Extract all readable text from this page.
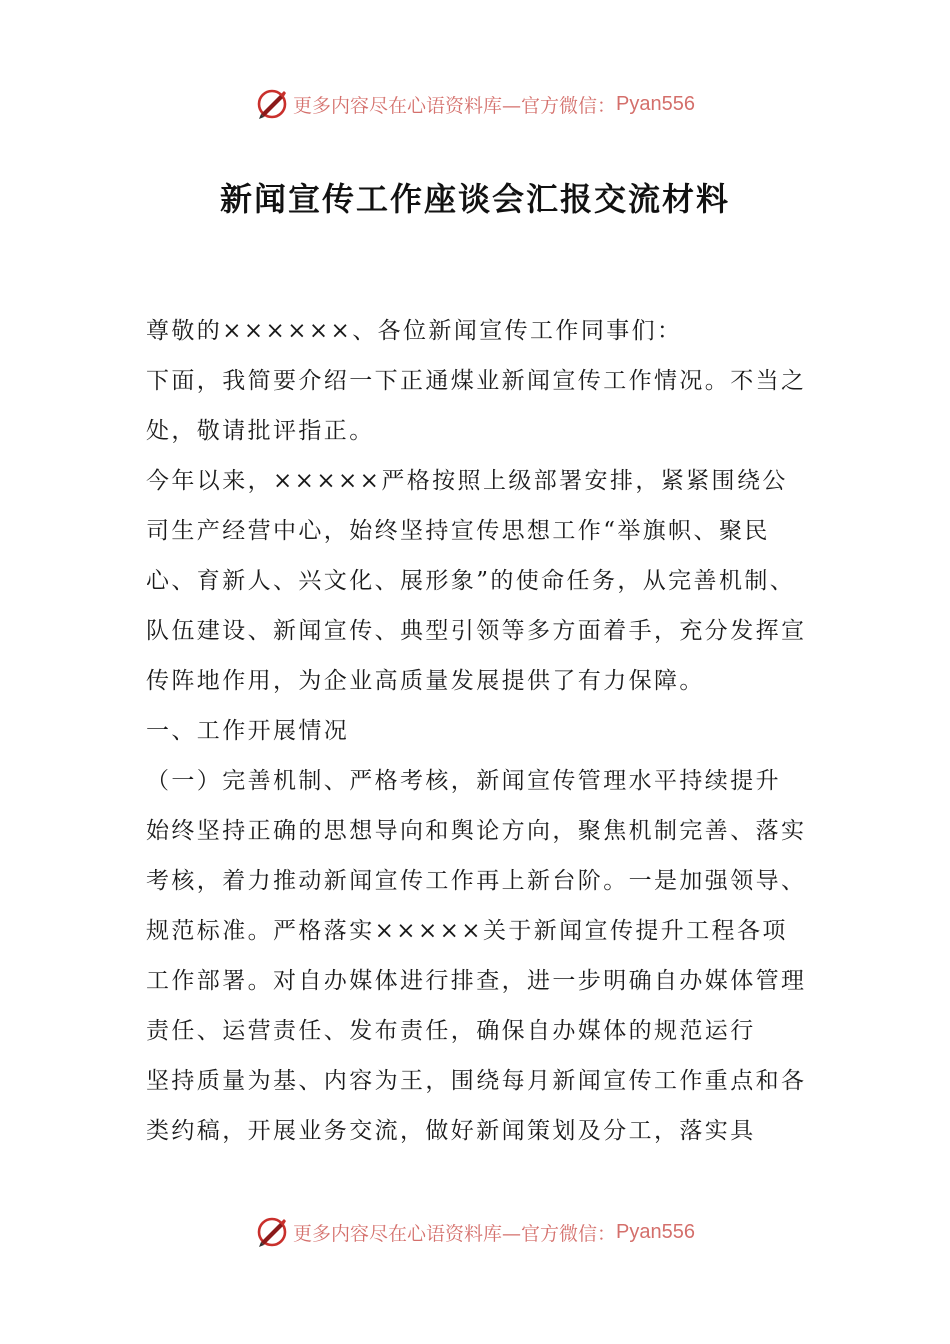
更多内容尽在心语资料库—官方微信： Pyan556
新闻宣传工作座谈会汇报交流材料

尊敬的××××××、各位新闻宣传工作同事们：

下面，我简要介绍一下正通煤业新闻宣传工作情况。不当之处，敬请批评指正。

今年以来，×××××严格按照上级部署安排，紧紧围绕公司生产经营中心，始终坚持宣传思想工作“举旗帜、聚民心、育新人、兴文化、展形象”的使命任务，从完善机制、队伍建设、新闻宣传、典型引领等多方面着手，充分发挥宣传阵地作用，为企业高质量发展提供了有力保障。

一、工作开展情况

（一）完善机制、严格考核，新闻宣传管理水平持续提升

始终坚持正确的思想导向和舆论方向，聚焦机制完善、落实考核，着力推动新闻宣传工作再上新台阶。一是加强领导、规范标准。严格落实×××××关于新闻宣传提升工程各项工作部署。对自办媒体进行排查，进一步明确自办媒体管理责任、运营责任、发布责任，确保自办媒体的规范运行

坚持质量为基、内容为王，围绕每月新闻宣传工作重点和各类约稿，开展业务交流，做好新闻策划及分工，落实具

更多内容尽在心语资料库—官方微信： Pyan556
